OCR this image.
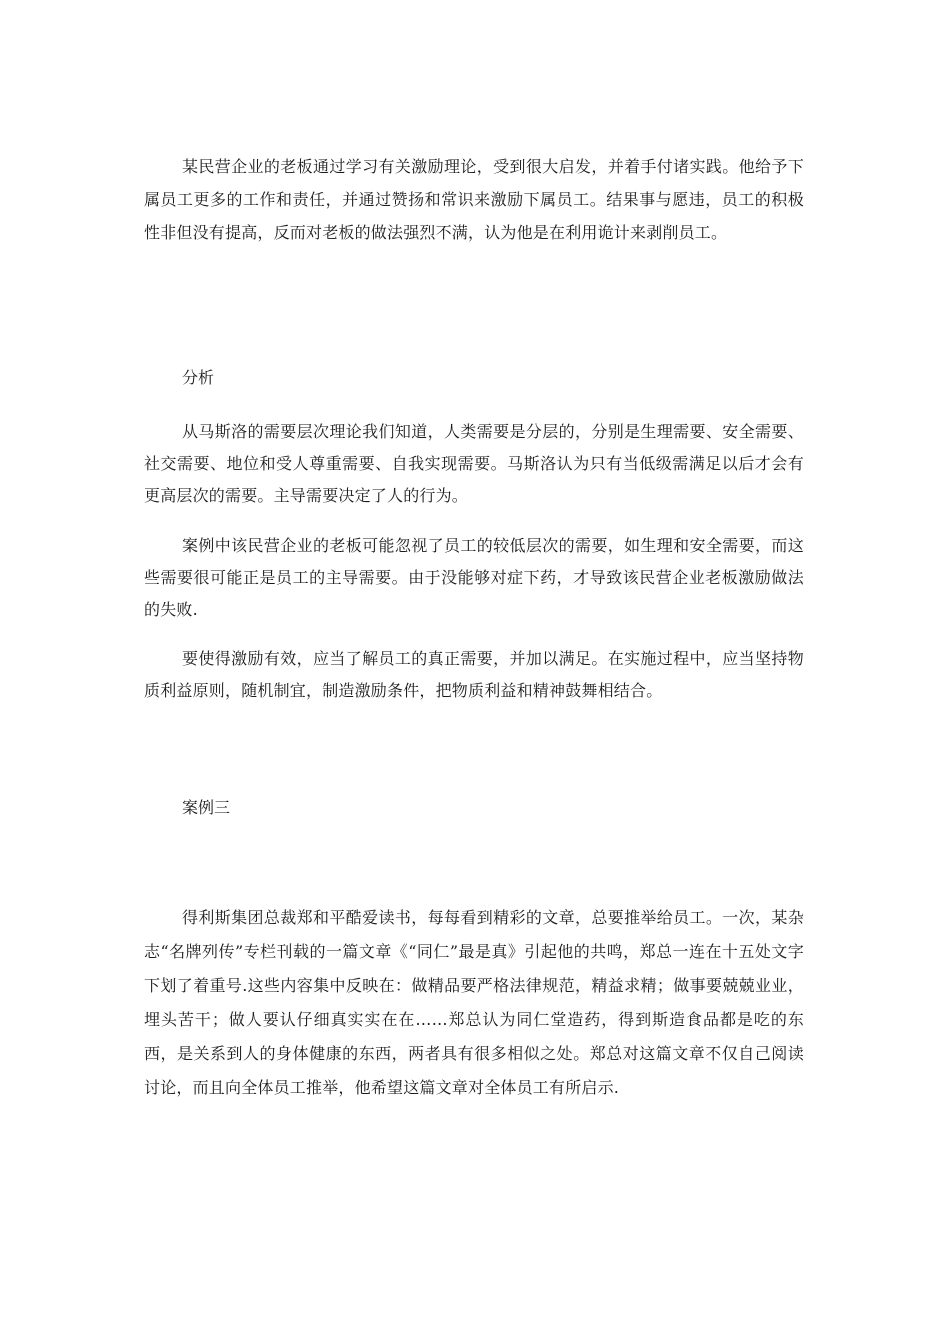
某民营企业的老板通过学习有关激励理论，受到很大启发，并着手付诸实践。他给予下属员工更多的工作和责任，并通过赞扬和常识来激励下属员工。结果事与愿违，员工的积极性非但没有提高，反而对老板的做法强烈不满，认为他是在利用诡计来剥削员工。

分析

从马斯洛的需要层次理论我们知道，人类需要是分层的，分别是生理需要、安全需要、社交需要、地位和受人尊重需要、自我实现需要。马斯洛认为只有当低级需满足以后才会有更高层次的需要。主导需要决定了人的行为。

案例中该民营企业的老板可能忽视了员工的较低层次的需要，如生理和安全需要，而这些需要很可能正是员工的主导需要。由于没能够对症下药，才导致该民营企业老板激励做法的失败.

要使得激励有效，应当了解员工的真正需要，并加以满足。在实施过程中，应当坚持物质利益原则，随机制宜，制造激励条件，把物质利益和精神鼓舞相结合。

案例三

得利斯集团总裁郑和平酷爱读书，每每看到精彩的文章，总要推举给员工。一次，某杂志“名牌列传”专栏刊载的一篇文章《“同仁”最是真》引起他的共鸣，郑总一连在十五处文字下划了着重号.这些内容集中反映在：做精品要严格法律规范，精益求精；做事要兢兢业业，埋头苦干；做人要认仔细真实实在在……郑总认为同仁堂造药，得到斯造食品都是吃的东西，是关系到人的身体健康的东西，两者具有很多相似之处。郑总对这篇文章不仅自己阅读讨论，而且向全体员工推举，他希望这篇文章对全体员工有所启示.
